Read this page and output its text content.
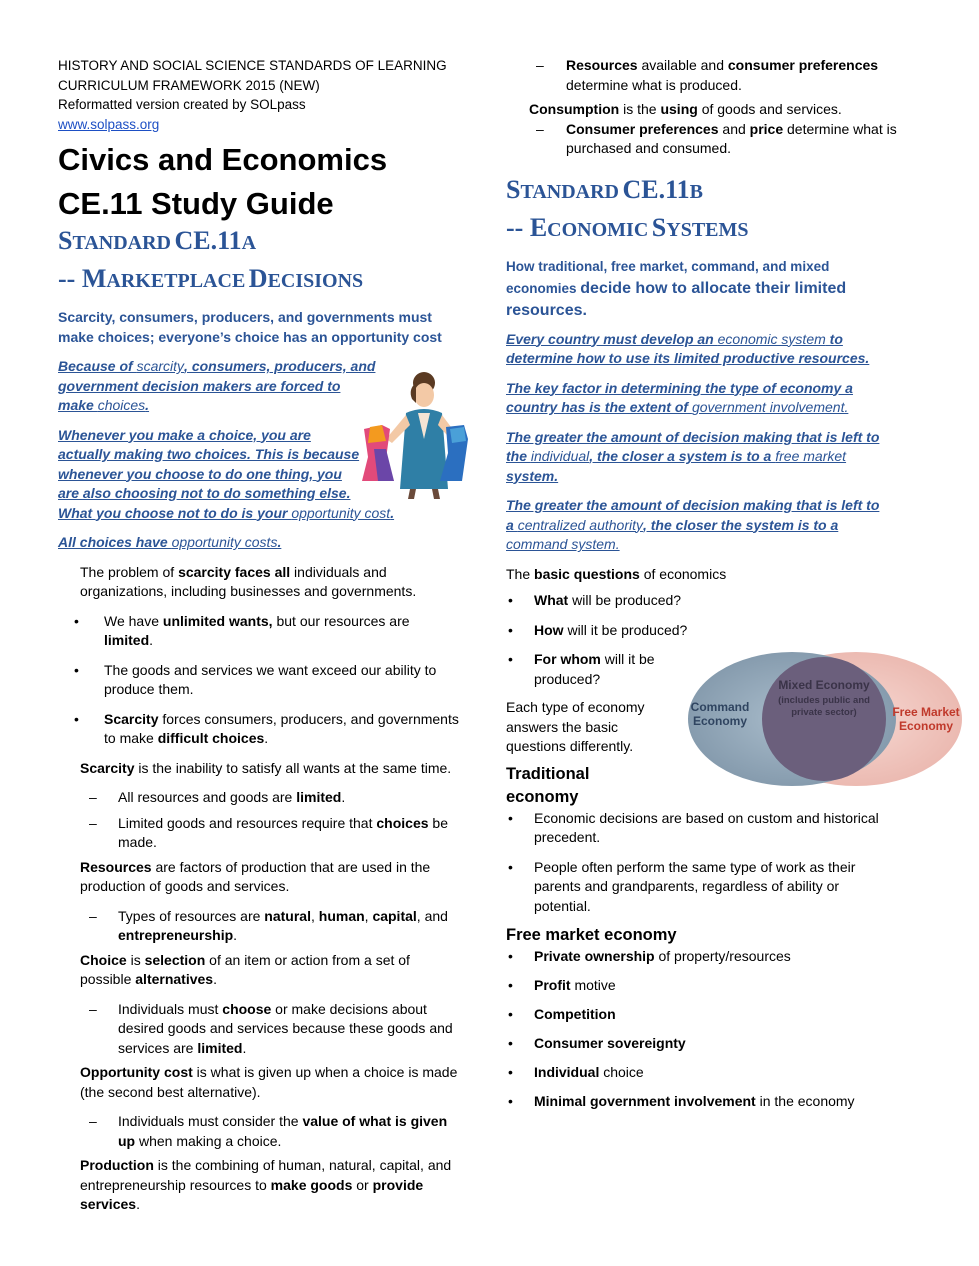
HISTORY AND SOCIAL SCIENCE STANDARDS OF LEARNING

CURRICULUM FRAMEWORK 2015 (NEW)

Reformatted version created by SOLpass

www.solpass.org

Civics and Economics
CE.11 Study Guide
STANDARD CE.11A
-- MARKETPLACE DECISIONS

Scarcity, consumers, producers, and governments must make choices; everyone’s choice has an opportunity cost

Because of scarcity, consumers, producers, and

government decision makers are forced to

make choices.

Whenever you make a choice, you are

actually making two choices. This is because

whenever you choose to do one thing, you

are also choosing not to do something else.

What you choose not to do is your opportunity cost.

All choices have opportunity costs.

The problem of scarcity faces all individuals and

organizations, including businesses and governments.

• We have unlimited wants, but our resources are
limited.
• The goods and services we want exceed our ability to
produce them.
• Scarcity forces consumers, producers, and governments
to make difficult choices.

Scarcity is the inability to satisfy all wants at the same time.

– All resources and goods are limited.
– Limited goods and resources require that choices be
made.

Resources are factors of production that are used in the

production of goods and services.

– Types of resources are natural, human, capital, and
entrepreneurship.

Choice is selection of an item or action from a set of

possible alternatives.

– Individuals must choose or make decisions about
desired goods and services because these goods and
services are limited.

Opportunity cost is what is given up when a choice is made

(the second best alternative).

– Individuals must consider the value of what is given
up when making a choice.

Production is the combining of human, natural, capital, and

entrepreneurship resources to make goods or provide

services.

– Resources available and consumer preferences
determine what is produced.

Consumption is the using of goods and services.

– Consumer preferences and price determine what is
purchased and consumed.
STANDARD CE.11B
-- ECONOMIC SYSTEMS

How traditional, free market, command, and mixed

economies decide how to allocate their limited

resources.

Every country must develop an economic system to

determine how to use its limited productive resources.

The key factor in determining the type of economy a

country has is the extent of government involvement.

The greater the amount of decision making that is left to

the individual, the closer a system is to a free market

system.

The greater the amount of decision making that is left to

a centralized authority, the closer the system is to a

command system.

Mixed Economy
(includes public and
private sector)
Command
Economy
Free Market
Economy

The basic questions of economics

• What will be produced?
• How will it be produced?
• For whom will it be
produced?

Each type of economy

answers the basic

questions differently.

Traditional
economy
• Economic decisions are based on custom and historical
precedent.
• People often perform the same type of work as their
parents and grandparents, regardless of ability or
potential.
Free market economy
• Private ownership of property/resources
• Profit motive
• Competition
• Consumer sovereignty
• Individual choice
• Minimal government involvement in the economy
